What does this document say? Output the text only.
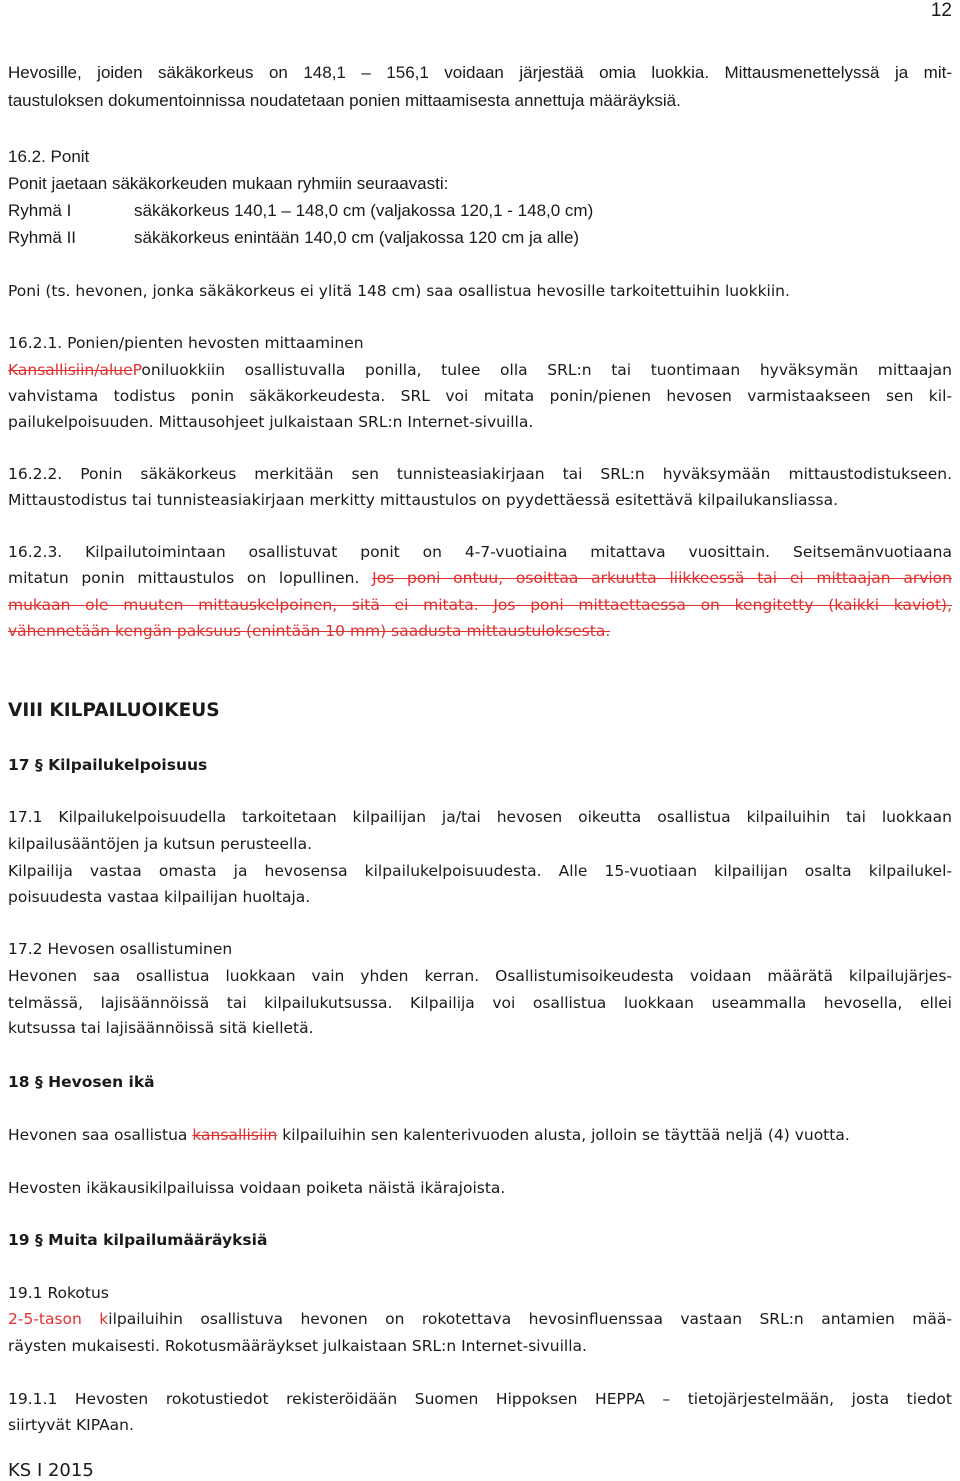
12
Hevosille, joiden säkäkorkeus on 148,1 – 156,1 voidaan järjestää omia luokkia. Mittausmenettelyssä ja mit-
taustuloksen dokumentoinnissa noudatetaan ponien mittaamisesta annettuja määräyksiä.
16.2. Ponit
Ponit jaetaan säkäkorkeuden mukaan ryhmiin seuraavasti:
Ryhmä I	säkäkorkeus 140,1 – 148,0 cm (valjakossa 120,1 - 148,0 cm)
Ryhmä II	säkäkorkeus enintään 140,0 cm (valjakossa 120 cm ja alle)
Poni (ts. hevonen, jonka säkäkorkeus ei ylitä 148 cm) saa osallistua hevosille tarkoitettuihin luokkiin.
16.2.1. Ponien/pienten hevosten mittaaminen
Kansallisiin/aluePoniluokkiin osallistuvalla ponilla, tulee olla SRL:n tai tuontimaan hyväksymän mittaajan
vahvistama todistus ponin säkäkorkeudesta. SRL voi mitata ponin/pienen hevosen varmistaakseen sen kil-
pailukelpoisuuden. Mittausohjeet julkaistaan SRL:n Internet-sivuilla.
16.2.2. Ponin säkäkorkeus merkitään sen tunnisteasiakirjaan tai SRL:n hyväksymään mittaustodistukseen.
Mittaustodistus tai tunnisteasiakirjaan merkitty mittaustulos on pyydettäessä esitettävä kilpailukansliassa.
16.2.3. Kilpailutoimintaan osallistuvat ponit on 4-7-vuotiaina mitattava vuosittain. Seitsemänvuotiaana
mitatun ponin mittaustulos on lopullinen. Jos poni ontuu, osoittaa arkuutta liikkeessä tai ei mittaajan arvion
mukaan ole muuten mittauskelpoinen, sitä ei mitata. Jos poni mittaettaessa on kengitetty (kaikki kaviot),
vähennetään kengän paksuus (enintään 10 mm) saadusta mittaustuloksesta.
VIII KILPAILUOIKEUS
17 § Kilpailukelpoisuus
17.1 Kilpailukelpoisuudella tarkoitetaan kilpailijan ja/tai hevosen oikeutta osallistua kilpailuihin tai luokkaan
kilpailusääntöjen ja kutsun perusteella.
Kilpailija vastaa omasta ja hevosensa kilpailukelpoisuudesta. Alle 15-vuotiaan kilpailijan osalta kilpailukel-
poisuudesta vastaa kilpailijan huoltaja.
17.2 Hevosen osallistuminen
Hevonen saa osallistua luokkaan vain yhden kerran. Osallistumisoikeudesta voidaan määrätä kilpailujärjes-
telmässä, lajisäännöissä tai kilpailukutsussa. Kilpailija voi osallistua luokkaan useammalla hevosella, ellei
kutsussa tai lajisäännöissä sitä kielletä.
18 § Hevosen ikä
Hevonen saa osallistua kansallisiin kilpailuihin sen kalenterivuoden alusta, jolloin se täyttää neljä (4) vuotta.
Hevosten ikäkausikilpailuissa voidaan poiketa näistä ikärajoista.
19 § Muita kilpailumääräyksiä
19.1 Rokotus
2-5-tason kilpailuihin osallistuva hevonen on rokotettava hevosinfluenssaa vastaan SRL:n antamien mää-
räysten mukaisesti. Rokotusmääräykset julkaistaan SRL:n Internet-sivuilla.
19.1.1 Hevosten rokotustiedot rekisteröidään Suomen Hippoksen HEPPA – tietojärjestelmään, josta tiedot
siirtyvät KIPAan.
KS I 2015
